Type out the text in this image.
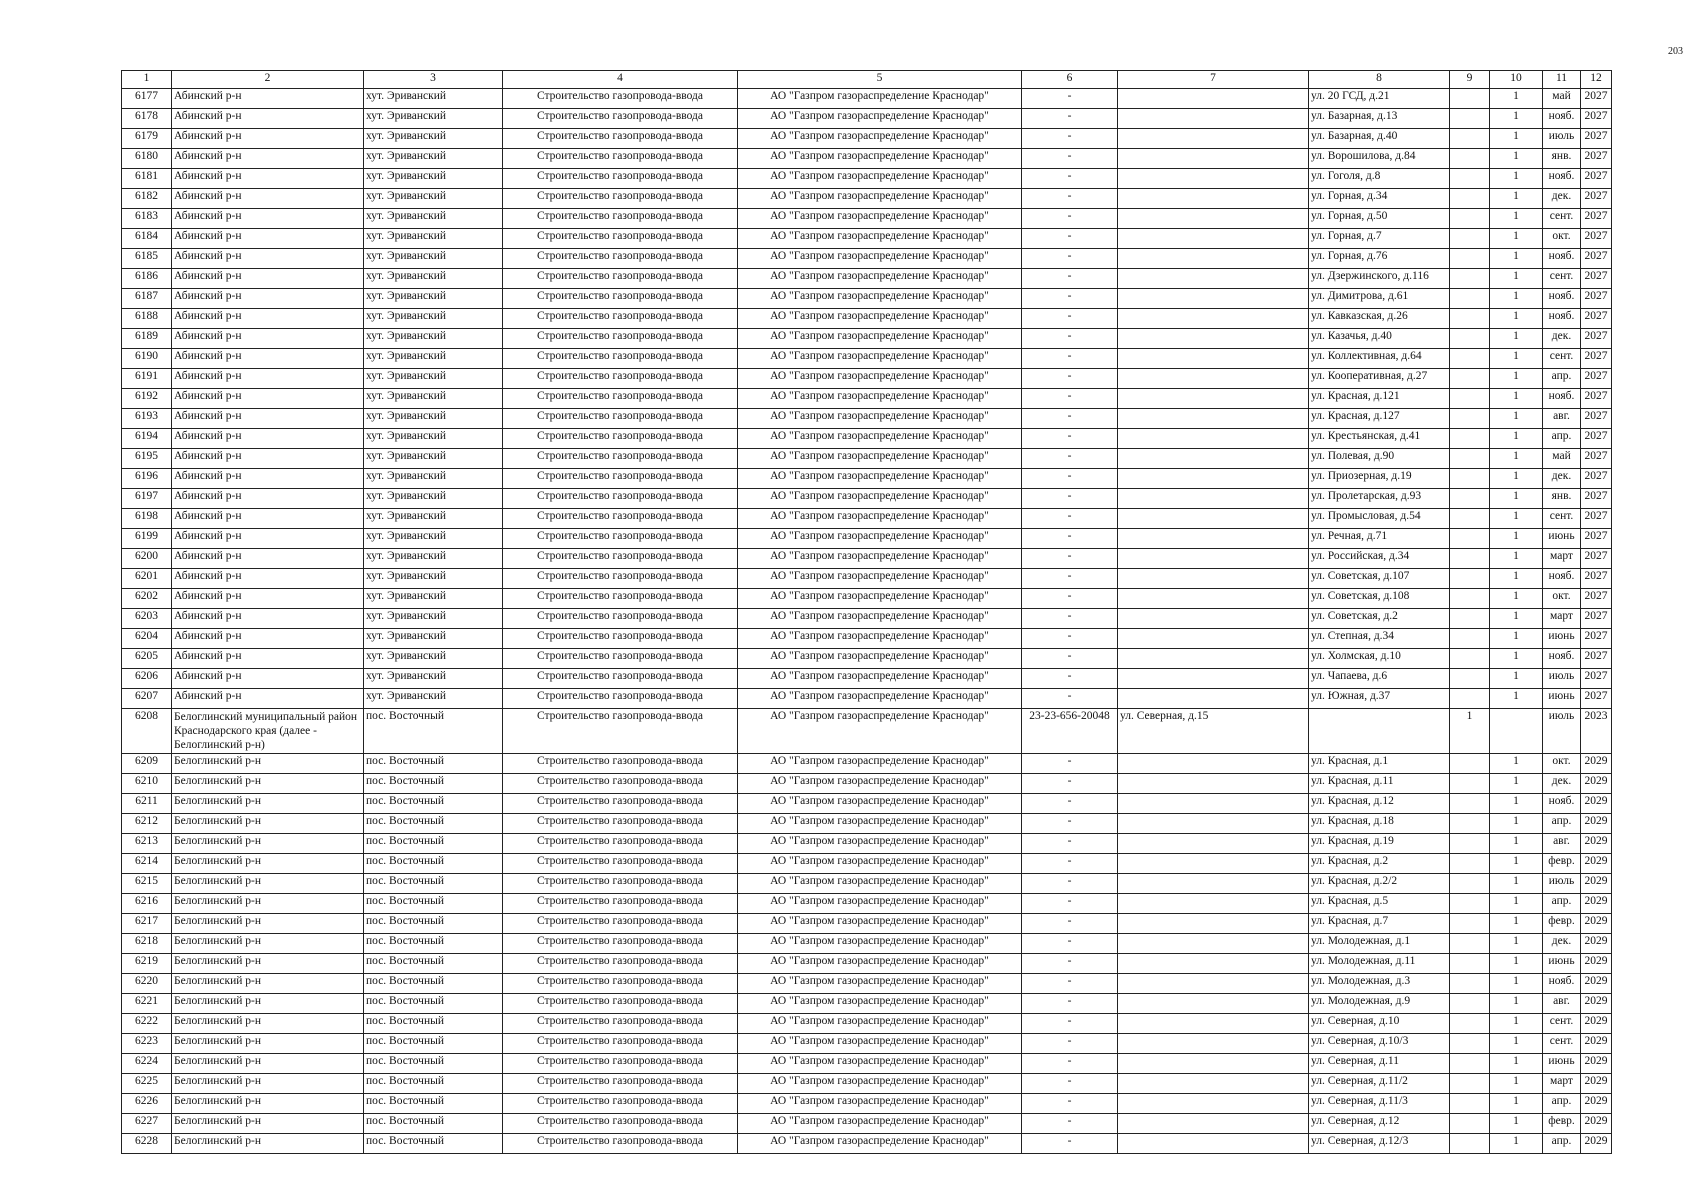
203
1	2	3	4	5	6	7	8	9	10	11	12
6177	Абинский р-н	хут. Эриванский	Строительство газопровода-ввода	АО "Газпром газораспределение Краснодар"	-		ул. 20 ГСД, д.21		1	май	2027
6178	Абинский р-н	хут. Эриванский	Строительство газопровода-ввода	АО "Газпром газораспределение Краснодар"	-		ул. Базарная, д.13		1	нояб.	2027
6179	Абинский р-н	хут. Эриванский	Строительство газопровода-ввода	АО "Газпром газораспределение Краснодар"	-		ул. Базарная, д.40		1	июль	2027
6180	Абинский р-н	хут. Эриванский	Строительство газопровода-ввода	АО "Газпром газораспределение Краснодар"	-		ул. Ворошилова, д.84		1	янв.	2027
6181	Абинский р-н	хут. Эриванский	Строительство газопровода-ввода	АО "Газпром газораспределение Краснодар"	-		ул. Гоголя, д.8		1	нояб.	2027
6182	Абинский р-н	хут. Эриванский	Строительство газопровода-ввода	АО "Газпром газораспределение Краснодар"	-		ул. Горная, д.34		1	дек.	2027
6183	Абинский р-н	хут. Эриванский	Строительство газопровода-ввода	АО "Газпром газораспределение Краснодар"	-		ул. Горная, д.50		1	сент.	2027
6184	Абинский р-н	хут. Эриванский	Строительство газопровода-ввода	АО "Газпром газораспределение Краснодар"	-		ул. Горная, д.7		1	окт.	2027
6185	Абинский р-н	хут. Эриванский	Строительство газопровода-ввода	АО "Газпром газораспределение Краснодар"	-		ул. Горная, д.76		1	нояб.	2027
6186	Абинский р-н	хут. Эриванский	Строительство газопровода-ввода	АО "Газпром газораспределение Краснодар"	-		ул. Дзержинского, д.116		1	сент.	2027
6187	Абинский р-н	хут. Эриванский	Строительство газопровода-ввода	АО "Газпром газораспределение Краснодар"	-		ул. Димитрова, д.61		1	нояб.	2027
6188	Абинский р-н	хут. Эриванский	Строительство газопровода-ввода	АО "Газпром газораспределение Краснодар"	-		ул. Кавказская, д.26		1	нояб.	2027
6189	Абинский р-н	хут. Эриванский	Строительство газопровода-ввода	АО "Газпром газораспределение Краснодар"	-		ул. Казачья, д.40		1	дек.	2027
6190	Абинский р-н	хут. Эриванский	Строительство газопровода-ввода	АО "Газпром газораспределение Краснодар"	-		ул. Коллективная, д.64		1	сент.	2027
6191	Абинский р-н	хут. Эриванский	Строительство газопровода-ввода	АО "Газпром газораспределение Краснодар"	-		ул. Кооперативная, д.27		1	апр.	2027
6192	Абинский р-н	хут. Эриванский	Строительство газопровода-ввода	АО "Газпром газораспределение Краснодар"	-		ул. Красная, д.121		1	нояб.	2027
6193	Абинский р-н	хут. Эриванский	Строительство газопровода-ввода	АО "Газпром газораспределение Краснодар"	-		ул. Красная, д.127		1	авг.	2027
6194	Абинский р-н	хут. Эриванский	Строительство газопровода-ввода	АО "Газпром газораспределение Краснодар"	-		ул. Крестьянская, д.41		1	апр.	2027
6195	Абинский р-н	хут. Эриванский	Строительство газопровода-ввода	АО "Газпром газораспределение Краснодар"	-		ул. Полевая, д.90		1	май	2027
6196	Абинский р-н	хут. Эриванский	Строительство газопровода-ввода	АО "Газпром газораспределение Краснодар"	-		ул. Приозерная, д.19		1	дек.	2027
6197	Абинский р-н	хут. Эриванский	Строительство газопровода-ввода	АО "Газпром газораспределение Краснодар"	-		ул. Пролетарская, д.93		1	янв.	2027
6198	Абинский р-н	хут. Эриванский	Строительство газопровода-ввода	АО "Газпром газораспределение Краснодар"	-		ул. Промысловая, д.54		1	сент.	2027
6199	Абинский р-н	хут. Эриванский	Строительство газопровода-ввода	АО "Газпром газораспределение Краснодар"	-		ул. Речная, д.71		1	июнь	2027
6200	Абинский р-н	хут. Эриванский	Строительство газопровода-ввода	АО "Газпром газораспределение Краснодар"	-		ул. Российская, д.34		1	март	2027
6201	Абинский р-н	хут. Эриванский	Строительство газопровода-ввода	АО "Газпром газораспределение Краснодар"	-		ул. Советская, д.107		1	нояб.	2027
6202	Абинский р-н	хут. Эриванский	Строительство газопровода-ввода	АО "Газпром газораспределение Краснодар"	-		ул. Советская, д.108		1	окт.	2027
6203	Абинский р-н	хут. Эриванский	Строительство газопровода-ввода	АО "Газпром газораспределение Краснодар"	-		ул. Советская, д.2		1	март	2027
6204	Абинский р-н	хут. Эриванский	Строительство газопровода-ввода	АО "Газпром газораспределение Краснодар"	-		ул. Степная, д.34		1	июнь	2027
6205	Абинский р-н	хут. Эриванский	Строительство газопровода-ввода	АО "Газпром газораспределение Краснодар"	-		ул. Холмская, д.10		1	нояб.	2027
6206	Абинский р-н	хут. Эриванский	Строительство газопровода-ввода	АО "Газпром газораспределение Краснодар"	-		ул. Чапаева, д.6		1	июль	2027
6207	Абинский р-н	хут. Эриванский	Строительство газопровода-ввода	АО "Газпром газораспределение Краснодар"	-		ул. Южная, д.37		1	июнь	2027
6208	Белоглинский муниципальный район Краснодарского края (далее - Белоглинский р-н)	пос. Восточный	Строительство газопровода-ввода	АО "Газпром газораспределение Краснодар"	23-23-656-20048	ул. Северная, д.15		1		июль	2023
6209	Белоглинский р-н	пос. Восточный	Строительство газопровода-ввода	АО "Газпром газораспределение Краснодар"	-		ул. Красная, д.1		1	окт.	2029
6210	Белоглинский р-н	пос. Восточный	Строительство газопровода-ввода	АО "Газпром газораспределение Краснодар"	-		ул. Красная, д.11		1	дек.	2029
6211	Белоглинский р-н	пос. Восточный	Строительство газопровода-ввода	АО "Газпром газораспределение Краснодар"	-		ул. Красная, д.12		1	нояб.	2029
6212	Белоглинский р-н	пос. Восточный	Строительство газопровода-ввода	АО "Газпром газораспределение Краснодар"	-		ул. Красная, д.18		1	апр.	2029
6213	Белоглинский р-н	пос. Восточный	Строительство газопровода-ввода	АО "Газпром газораспределение Краснодар"	-		ул. Красная, д.19		1	авг.	2029
6214	Белоглинский р-н	пос. Восточный	Строительство газопровода-ввода	АО "Газпром газораспределение Краснодар"	-		ул. Красная, д.2		1	февр.	2029
6215	Белоглинский р-н	пос. Восточный	Строительство газопровода-ввода	АО "Газпром газораспределение Краснодар"	-		ул. Красная, д.2/2		1	июль	2029
6216	Белоглинский р-н	пос. Восточный	Строительство газопровода-ввода	АО "Газпром газораспределение Краснодар"	-		ул. Красная, д.5		1	апр.	2029
6217	Белоглинский р-н	пос. Восточный	Строительство газопровода-ввода	АО "Газпром газораспределение Краснодар"	-		ул. Красная, д.7		1	февр.	2029
6218	Белоглинский р-н	пос. Восточный	Строительство газопровода-ввода	АО "Газпром газораспределение Краснодар"	-		ул. Молодежная, д.1		1	дек.	2029
6219	Белоглинский р-н	пос. Восточный	Строительство газопровода-ввода	АО "Газпром газораспределение Краснодар"	-		ул. Молодежная, д.11		1	июнь	2029
6220	Белоглинский р-н	пос. Восточный	Строительство газопровода-ввода	АО "Газпром газораспределение Краснодар"	-		ул. Молодежная, д.3		1	нояб.	2029
6221	Белоглинский р-н	пос. Восточный	Строительство газопровода-ввода	АО "Газпром газораспределение Краснодар"	-		ул. Молодежная, д.9		1	авг.	2029
6222	Белоглинский р-н	пос. Восточный	Строительство газопровода-ввода	АО "Газпром газораспределение Краснодар"	-		ул. Северная, д.10		1	сент.	2029
6223	Белоглинский р-н	пос. Восточный	Строительство газопровода-ввода	АО "Газпром газораспределение Краснодар"	-		ул. Северная, д.10/3		1	сент.	2029
6224	Белоглинский р-н	пос. Восточный	Строительство газопровода-ввода	АО "Газпром газораспределение Краснодар"	-		ул. Северная, д.11		1	июнь	2029
6225	Белоглинский р-н	пос. Восточный	Строительство газопровода-ввода	АО "Газпром газораспределение Краснодар"	-		ул. Северная, д.11/2		1	март	2029
6226	Белоглинский р-н	пос. Восточный	Строительство газопровода-ввода	АО "Газпром газораспределение Краснодар"	-		ул. Северная, д.11/3		1	апр.	2029
6227	Белоглинский р-н	пос. Восточный	Строительство газопровода-ввода	АО "Газпром газораспределение Краснодар"	-		ул. Северная, д.12		1	февр.	2029
6228	Белоглинский р-н	пос. Восточный	Строительство газопровода-ввода	АО "Газпром газораспределение Краснодар"	-		ул. Северная, д.12/3		1	апр.	2029
